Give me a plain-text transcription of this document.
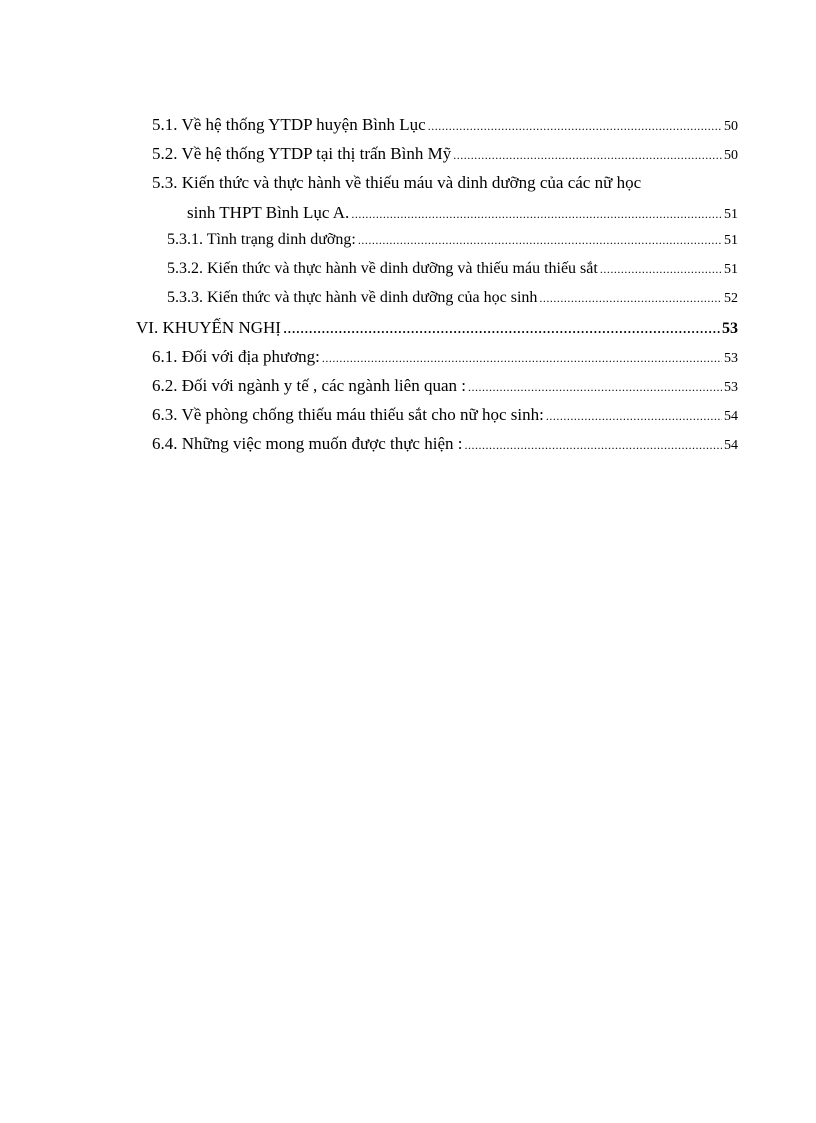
5.1. Về hệ thống YTDP huyện Bình Lục .....	50
5.2. Về hệ thống YTDP tại thị trấn Bình Mỹ .....	50
5.3. Kiến thức và thực hành về thiếu máu và dinh dưỡng của các nữ học
sinh THPT Bình Lục A. .....	51
5.3.1. Tình trạng dinh dưỡng: .....	51
5.3.2. Kiến thức và thực hành về dinh dưỡng và thiếu máu thiếu sắt .....	51
5.3.3. Kiến thức và thực hành về dinh dưỡng của học sinh .....	52
VI. KHUYẾN NGHỊ .....	53
6.1. Đối với địa phương: .....	53
6.2. Đối với ngành y tế , các ngành liên quan : .....	53
6.3. Về phòng chống thiếu máu thiếu sắt cho nữ học sinh: .....	54
6.4. Những việc mong muốn được thực hiện : .....	54
